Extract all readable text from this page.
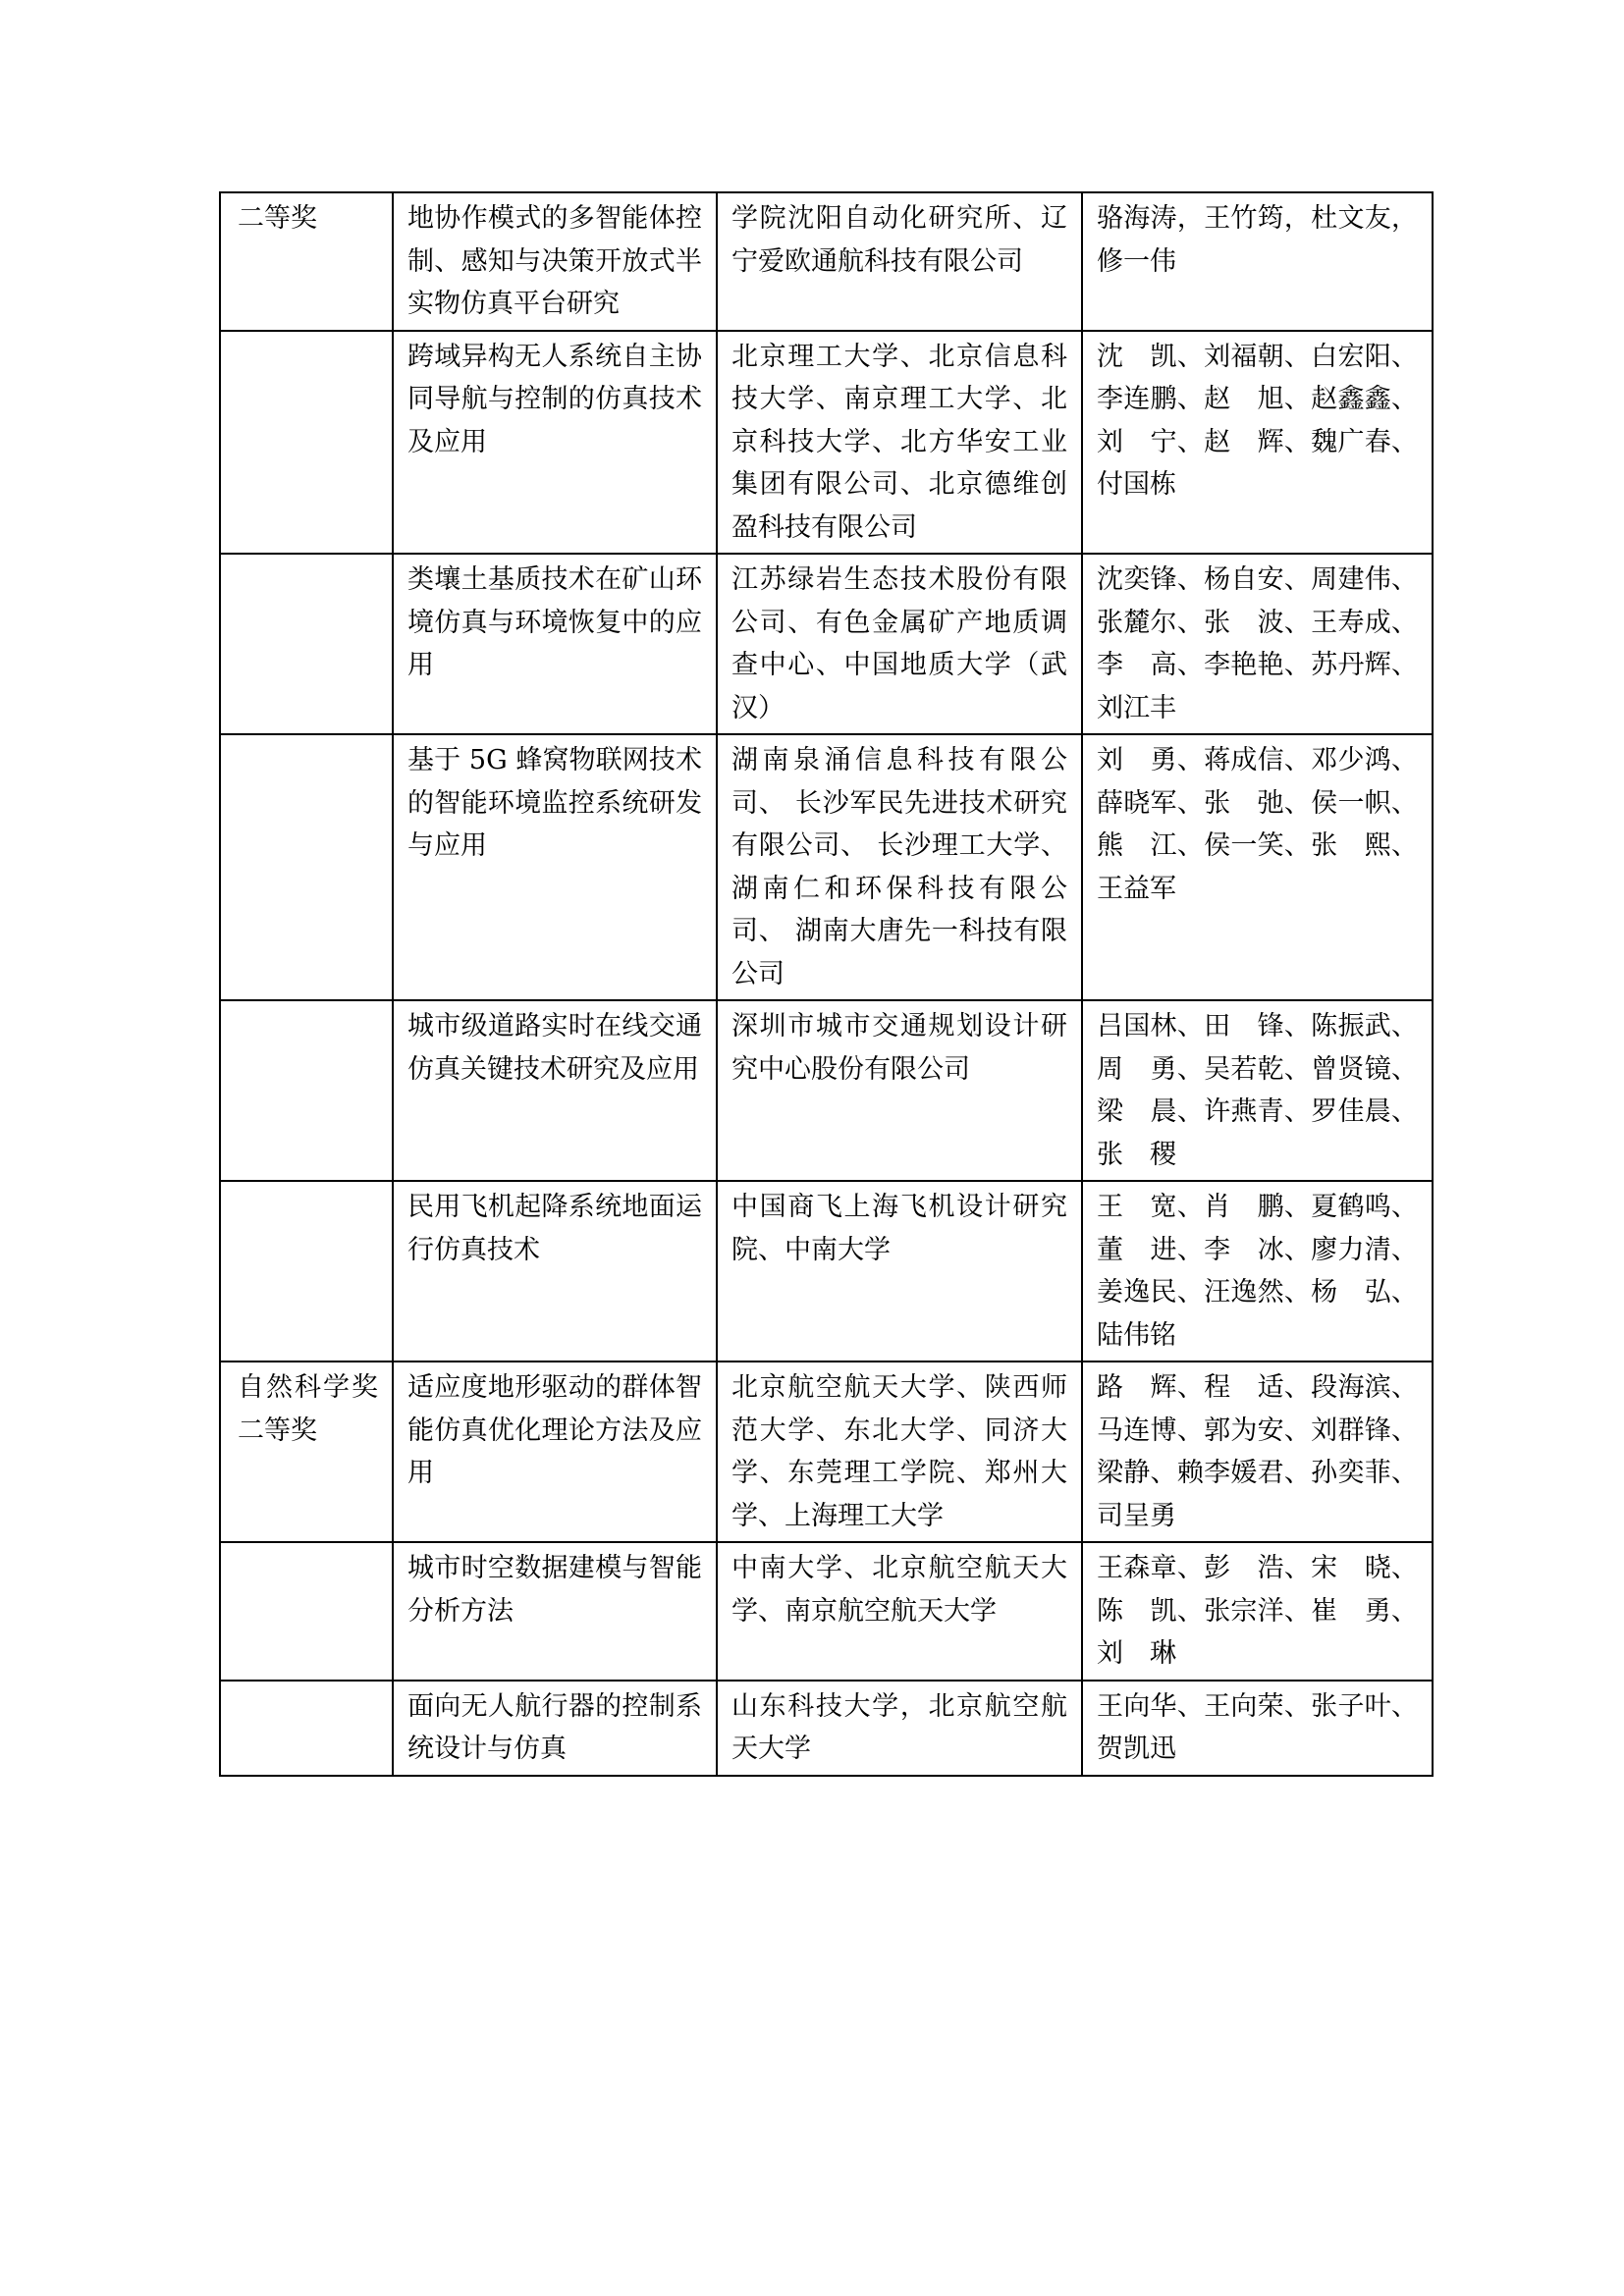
二等奖	地协作模式的多智能体控制、感知与决策开放式半实物仿真平台研究	学院沈阳自动化研究所、辽宁爱欧通航科技有限公司	骆海涛，王竹筠，杜文友，修一伟
	跨域异构无人系统自主协同导航与控制的仿真技术及应用	北京理工大学、北京信息科技大学、南京理工大学、北京科技大学、北方华安工业集团有限公司、北京德维创盈科技有限公司	沈　凯、刘福朝、白宏阳、李连鹏、赵　旭、赵鑫鑫、刘　宁、赵　辉、魏广春、付国栋
	类壤土基质技术在矿山环境仿真与环境恢复中的应用	江苏绿岩生态技术股份有限公司、有色金属矿产地质调查中心、中国地质大学（武汉）	沈奕锋、杨自安、周建伟、张麓尔、张　波、王寿成、李　高、李艳艳、苏丹辉、刘江丰
	基于 5G 蜂窝物联网技术的智能环境监控系统研发与应用	湖南泉涌信息科技有限公司、 长沙军民先进技术研究有限公司、 长沙理工大学、 湖南仁和环保科技有限公司、 湖南大唐先一科技有限公司	刘　勇、蒋成信、邓少鸿、薛晓军、张　弛、侯一帜、熊　江、侯一笑、张　熙、王益军
	城市级道路实时在线交通仿真关键技术研究及应用	深圳市城市交通规划设计研究中心股份有限公司	吕国林、田　锋、陈振武、周　勇、吴若乾、曾贤镜、梁　晨、许燕青、罗佳晨、张　稷
	民用飞机起降系统地面运行仿真技术	中国商飞上海飞机设计研究院、中南大学	王　宽、肖　鹏、夏鹤鸣、董　进、李　冰、廖力清、姜逸民、汪逸然、杨　弘、陆伟铭
自然科学奖二等奖	适应度地形驱动的群体智能仿真优化理论方法及应用	北京航空航天大学、陕西师范大学、东北大学、同济大学、东莞理工学院、郑州大学、上海理工大学	路　辉、程　适、段海滨、马连博、郭为安、刘群锋、梁静、赖李媛君、孙奕菲、司呈勇
	城市时空数据建模与智能分析方法	中南大学、北京航空航天大学、南京航空航天大学	王森章、彭　浩、宋　晓、陈　凯、张宗洋、崔　勇、刘　琳
	面向无人航行器的控制系统设计与仿真	山东科技大学，北京航空航天大学	王向华、王向荣、张子叶、贺凯迅
